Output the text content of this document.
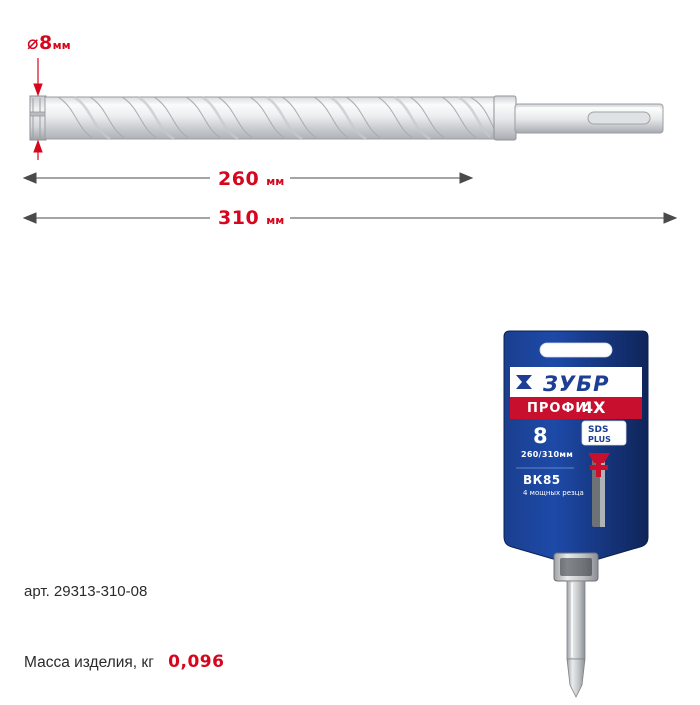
⌀8мм
260 мм
310 мм
ЗУБР
ПРОФИ
4X
8
260/310мм
SDS
PLUS
ВК85
4 мощных резца
арт. 29313-310-08
Масса изделия, кг 0,096
